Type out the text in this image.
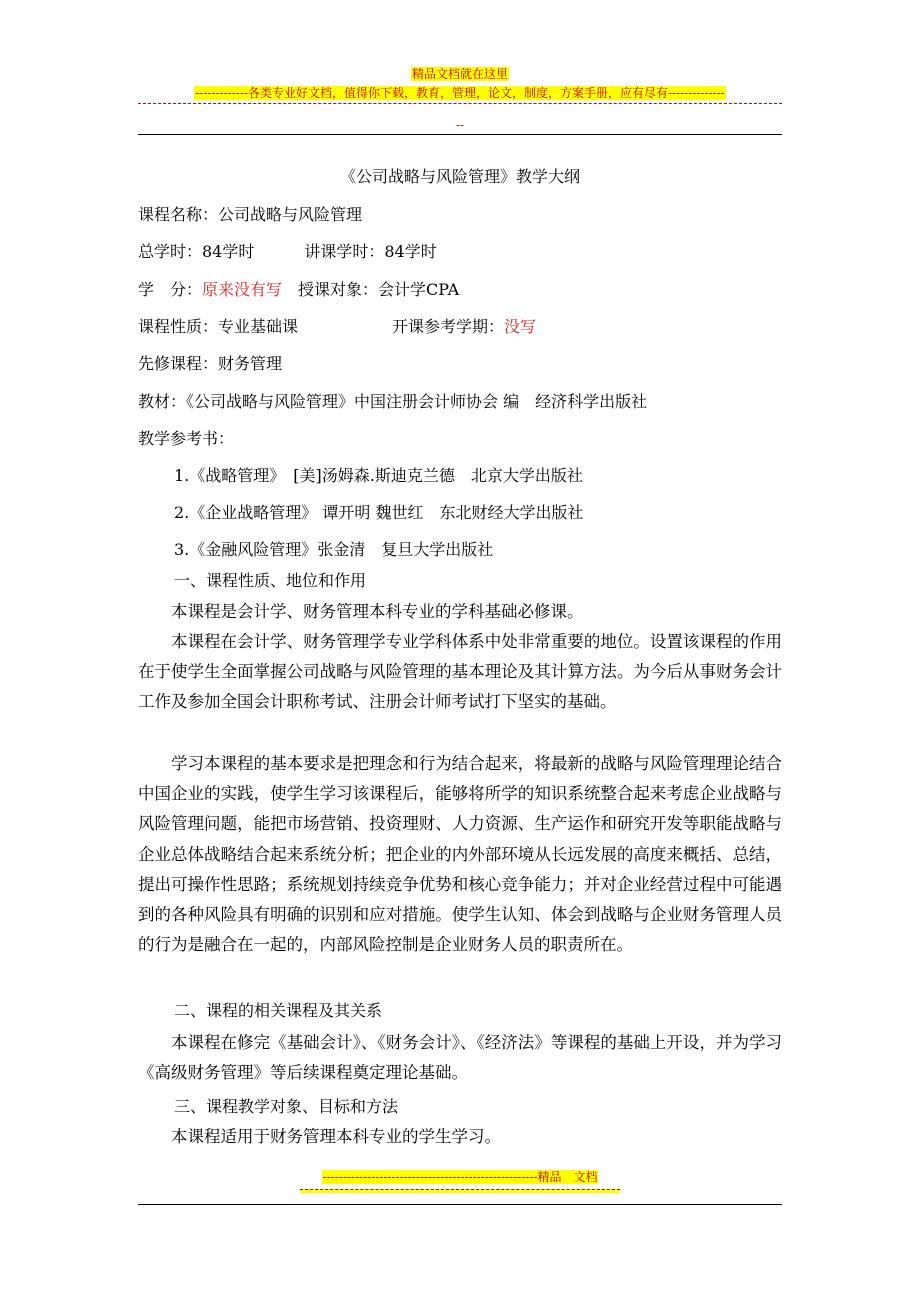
精品文档就在这里
-------------各类专业好文档，值得你下载，教育，管理，论文，制度，方案手册，应有尽有--------------
--
《公司战略与风险管理》教学大纲
课程名称：公司战略与风险管理
总学时：84学时	讲课学时：84学时
学　分：原来没有写 授课对象：会计学CPA
课程性质：专业基础课	开课参考学期：没写
先修课程：财务管理
教材：《公司战略与风险管理》中国注册会计师协会 编　经济科学出版社
教学参考书：
1.《战略管理》　[美]汤姆森.斯迪克兰德　北京大学出版社
2.《企业战略管理》 谭开明 魏世红　东北财经大学出版社
3.《金融风险管理》张金清　复旦大学出版社
一、课程性质、地位和作用
本课程是会计学、财务管理本科专业的学科基础必修课。
本课程在会计学、财务管理学专业学科体系中处非常重要的地位。设置该课程的作用在于使学生全面掌握公司战略与风险管理的基本理论及其计算方法。为今后从事财务会计工作及参加全国会计职称考试、注册会计师考试打下坚实的基础。
学习本课程的基本要求是把理念和行为结合起来，将最新的战略与风险管理理论结合中国企业的实践，使学生学习该课程后，能够将所学的知识系统整合起来考虑企业战略与风险管理问题，能把市场营销、投资理财、人力资源、生产运作和研究开发等职能战略与企业总体战略结合起来系统分析；把企业的内外部环境从长远发展的高度来概括、总结，提出可操作性思路；系统规划持续竞争优势和核心竞争能力；并对企业经营过程中可能遇到的各种风险具有明确的识别和应对措施。使学生认知、体会到战略与企业财务管理人员的行为是融合在一起的，内部风险控制是企业财务人员的职责所在。
二、课程的相关课程及其关系
本课程在修完《基础会计》、《财务会计》、《经济法》等课程的基础上开设，并为学习《高级财务管理》等后续课程奠定理论基础。
三、课程教学对象、目标和方法
本课程适用于财务管理本科专业的学生学习。
-----------------------------------------------------精品　文档
